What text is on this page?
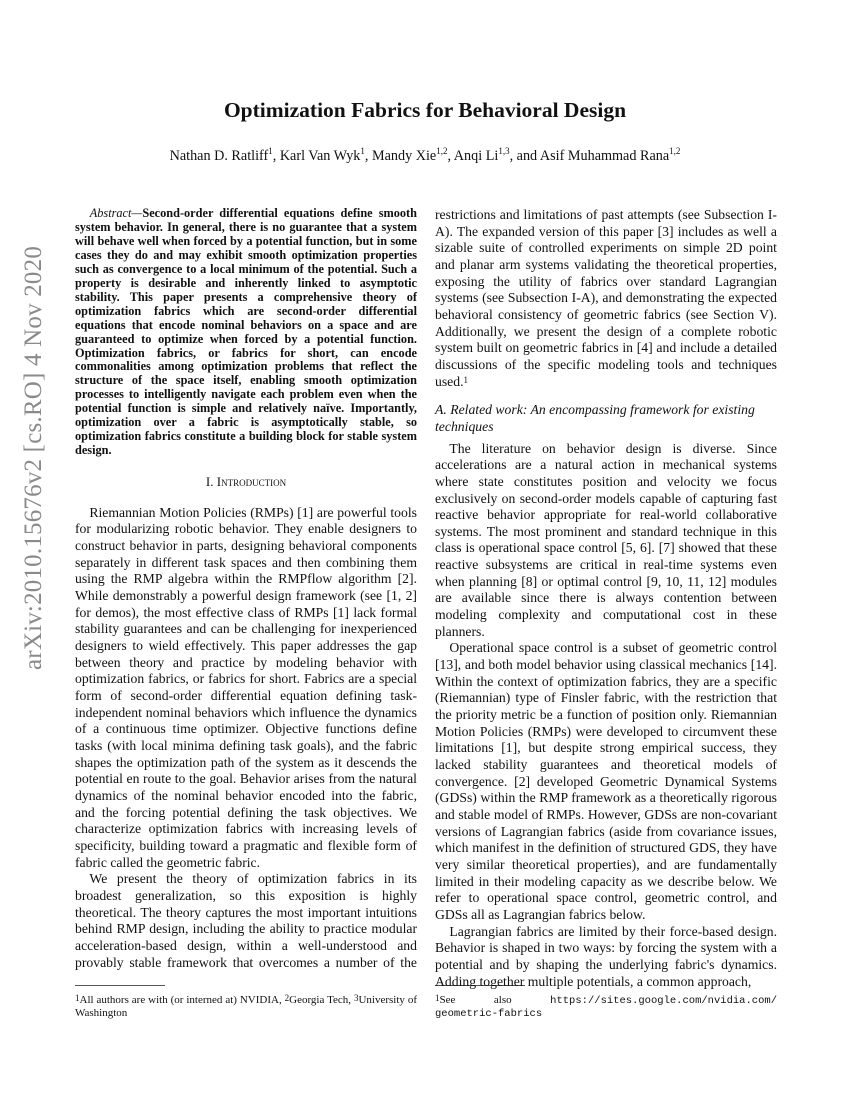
arXiv:2010.15676v2 [cs.RO] 4 Nov 2020
Optimization Fabrics for Behavioral Design
Nathan D. Ratliff$^1$, Karl Van Wyk$^1$, Mandy Xie$^{1,2}$, Anqi Li$^{1,3}$, and Asif Muhammad Rana$^{1,2}$

Abstract—Second-order differential equations define smooth system behavior. In general, there is no guarantee that a system will behave well when forced by a potential function, but in some cases they do and may exhibit smooth optimization properties such as convergence to a local minimum of the potential. Such a property is desirable and inherently linked to asymptotic stability. This paper presents a comprehensive theory of optimization fabrics which are second-order differential equations that encode nominal behaviors on a space and are guaranteed to optimize when forced by a potential function. Optimization fabrics, or fabrics for short, can encode commonalities among optimization problems that reflect the structure of the space itself, enabling smooth optimization processes to intelligently navigate each problem even when the potential function is simple and relatively naïve. Importantly, optimization over a fabric is asymptotically stable, so optimization fabrics constitute a building block for stable system design.

I. Introduction

Riemannian Motion Policies (RMPs) [1] are powerful tools for modularizing robotic behavior. They enable designers to construct behavior in parts, designing behavioral components separately in different task spaces and then combining them using the RMP algebra within the RMPflow algorithm [2]. While demonstrably a powerful design framework (see [1, 2] for demos), the most effective class of RMPs [1] lack formal stability guarantees and can be challenging for inexperienced designers to wield effectively. This paper addresses the gap between theory and practice by modeling behavior with optimization fabrics, or fabrics for short. Fabrics are a special form of second-order differential equation defining task-independent nominal behaviors which influence the dynamics of a continuous time optimizer. Objective functions define tasks (with local minima defining task goals), and the fabric shapes the optimization path of the system as it descends the potential en route to the goal. Behavior arises from the natural dynamics of the nominal behavior encoded into the fabric, and the forcing potential defining the task objectives. We characterize optimization fabrics with increasing levels of specificity, building toward a pragmatic and flexible form of fabric called the geometric fabric.

We present the theory of optimization fabrics in its broadest generalization, so this exposition is highly theoretical. The theory captures the most important intuitions behind RMP design, including the ability to practice modular acceleration-based design, within a well-understood and provably stable framework that overcomes a number of the

$^1$All authors are with (or interned at) NVIDIA, $^2$Georgia Tech, $^3$University of Washington
$^1$See	also	https://sites.google.com/nvidia.com/
geometric-fabrics

restrictions and limitations of past attempts (see Subsection I-A). The expanded version of this paper [3] includes as well a sizable suite of controlled experiments on simple 2D point and planar arm systems validating the theoretical properties, exposing the utility of fabrics over standard Lagrangian systems (see Subsection I-A), and demonstrating the expected behavioral consistency of geometric fabrics (see Section V). Additionally, we present the design of a complete robotic system built on geometric fabrics in [4] and include a detailed discussions of the specific modeling tools and techniques used.$^1$

A. Related work: An encompassing framework for existing techniques

The literature on behavior design is diverse. Since accelerations are a natural action in mechanical systems where state constitutes position and velocity we focus exclusively on second-order models capable of capturing fast reactive behavior appropriate for real-world collaborative systems. The most prominent and standard technique in this class is operational space control [5, 6]. [7] showed that these reactive subsystems are critical in real-time systems even when planning [8] or optimal control [9, 10, 11, 12] modules are available since there is always contention between modeling complexity and computational cost in these planners.

Operational space control is a subset of geometric control [13], and both model behavior using classical mechanics [14]. Within the context of optimization fabrics, they are a specific (Riemannian) type of Finsler fabric, with the restriction that the priority metric be a function of position only. Riemannian Motion Policies (RMPs) were developed to circumvent these limitations [1], but despite strong empirical success, they lacked stability guarantees and theoretical models of convergence. [2] developed Geometric Dynamical Systems (GDSs) within the RMP framework as a theoretically rigorous and stable model of RMPs. However, GDSs are non-covariant versions of Lagrangian fabrics (aside from covariance issues, which manifest in the definition of structured GDS, they have very similar theoretical properties), and are fundamentally limited in their modeling capacity as we describe below. We refer to operational space control, geometric control, and GDSs all as Lagrangian fabrics below.

Lagrangian fabrics are limited by their force-based design. Behavior is shaped in two ways: by forcing the system with a potential and by shaping the underlying fabric's dynamics. Adding together multiple potentials, a common approach,
